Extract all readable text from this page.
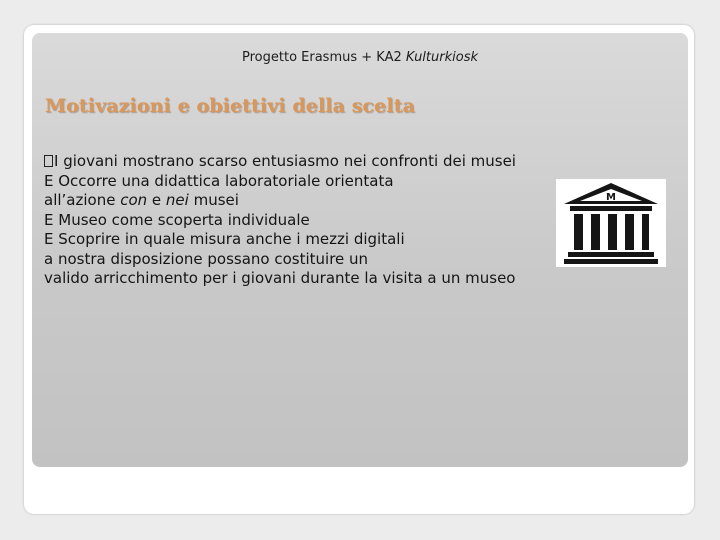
Progetto Erasmus + KA2 Kulturkiosk
Motivazioni e obiettivi della scelta
I giovani mostrano scarso entusiasmo nei confronti dei musei
E Occorre una didattica laboratoriale orientata
all’azione con e nei musei
E Museo come scoperta individuale
E Scoprire in quale misura anche i mezzi digitali
a nostra disposizione possano costituire un
valido arricchimento per i giovani durante la visita a un museo
M
